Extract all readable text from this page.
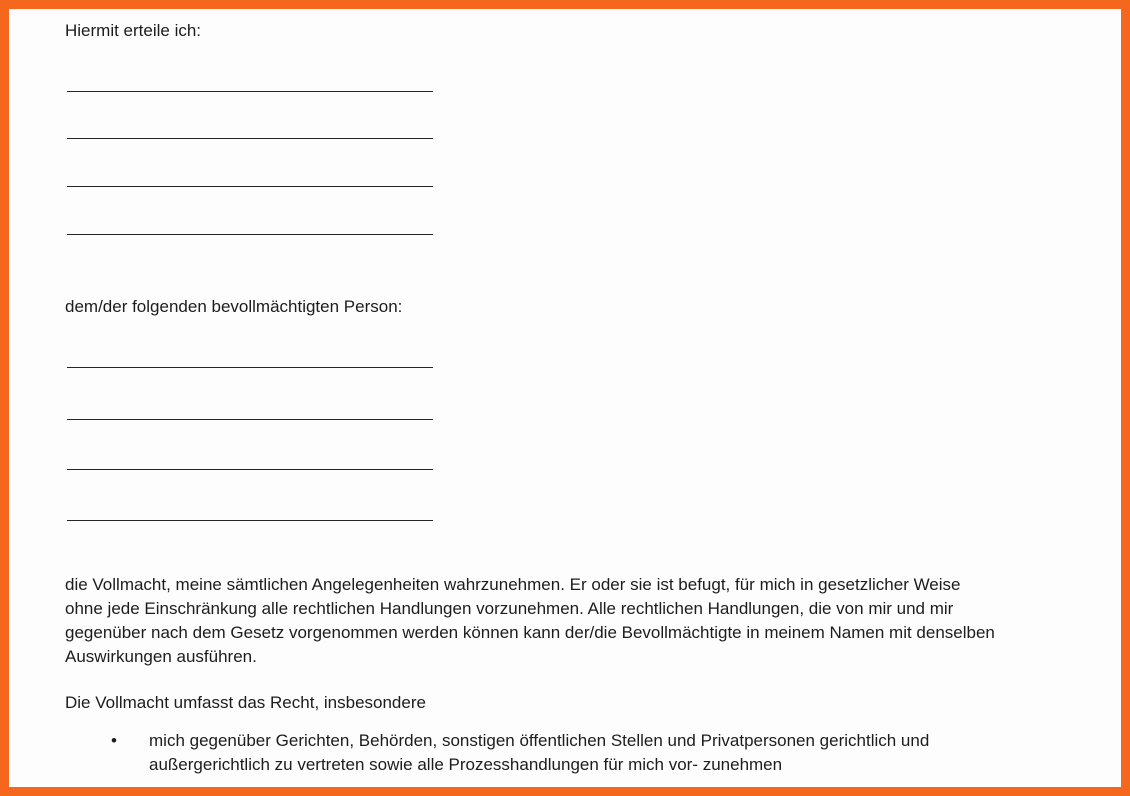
Hiermit erteile ich:

dem/der folgenden bevollmächtigten Person:

die Vollmacht, meine sämtlichen Angelegenheiten wahrzunehmen. Er oder sie ist befugt, für mich in gesetzlicher Weise ohne jede Einschränkung alle rechtlichen Handlungen vorzunehmen. Alle rechtlichen Handlungen, die von mir und mir gegenüber nach dem Gesetz vorgenommen werden können kann der/die Bevollmächtigte in meinem Namen mit denselben Auswirkungen ausführen.

Die Vollmacht umfasst das Recht, insbesondere

• mich gegenüber Gerichten, Behörden, sonstigen öffentlichen Stellen und Privatpersonen gerichtlich und außergerichtlich zu vertreten sowie alle Prozesshandlungen für mich vor- zunehmen
